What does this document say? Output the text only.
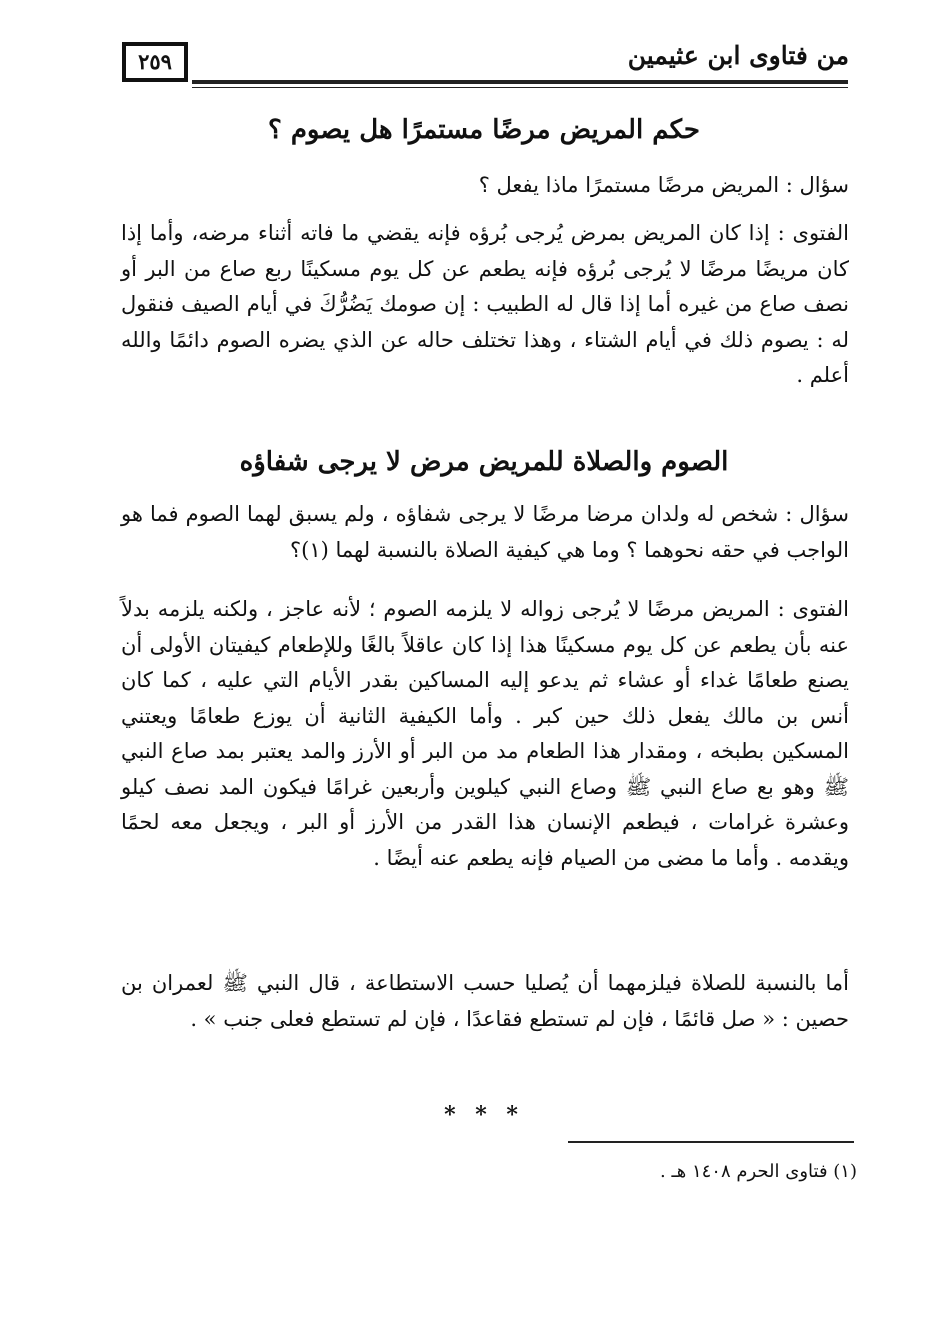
من فتاوى ابن عثيمين
٢٥٩
حكم المريض مرضًا مستمرًا هل يصوم ؟
سؤال : المريض مرضًا مستمرًا ماذا يفعل ؟
الفتوى : إذا كان المريض بمرض يُرجى بُرؤه فإنه يقضي ما فاته أثناء مرضه، وأما إذا كان مريضًا مرضًا لا يُرجى بُرؤه فإنه يطعم عن كل يوم مسكينًا ربع صاع من البر أو نصف صاع من غيره أما إذا قال له الطبيب : إن صومك يَضُرُّكَ في أيام الصيف فنقول له : يصوم ذلك في أيام الشتاء ، وهذا تختلف حاله عن الذي يضره الصوم دائمًا والله أعلم .
الصوم والصلاة للمريض مرض لا يرجى شفاؤه
سؤال : شخص له ولدان مرضا مرضًا لا يرجى شفاؤه ، ولم يسبق لهما الصوم فما هو الواجب في حقه نحوهما ؟ وما هي كيفية الصلاة بالنسبة لهما (١)؟
الفتوى : المريض مرضًا لا يُرجى زواله لا يلزمه الصوم ؛ لأنه عاجز ، ولكنه يلزمه بدلاً عنه بأن يطعم عن كل يوم مسكينًا هذا إذا كان عاقلاً بالغًا وللإطعام كيفيتان الأولى أن يصنع طعامًا غداء أو عشاء ثم يدعو إليه المساكين بقدر الأيام التي عليه ، كما كان أنس بن مالك يفعل ذلك حين كبر . وأما الكيفية الثانية أن يوزع طعامًا ويعتني المسكين بطبخه ، ومقدار هذا الطعام مد من البر أو الأرز والمد يعتبر بمد صاع النبي ﷺ وهو بع صاع النبي ﷺ وصاع النبي كيلوين وأربعين غرامًا فيكون المد نصف كيلو وعشرة غرامات ، فيطعم الإنسان هذا القدر من الأرز أو البر ، ويجعل معه لحمًا ويقدمه . وأما ما مضى من الصيام فإنه يطعم عنه أيضًا .
أما بالنسبة للصلاة فيلزمهما أن يُصليا حسب الاستطاعة ، قال النبي ﷺ لعمران بن حصين : « صل قائمًا ، فإن لم تستطع فقاعدًا ، فإن لم تستطع فعلى جنب » .
* * *
(١) فتاوى الحرم ١٤٠٨ هـ .
